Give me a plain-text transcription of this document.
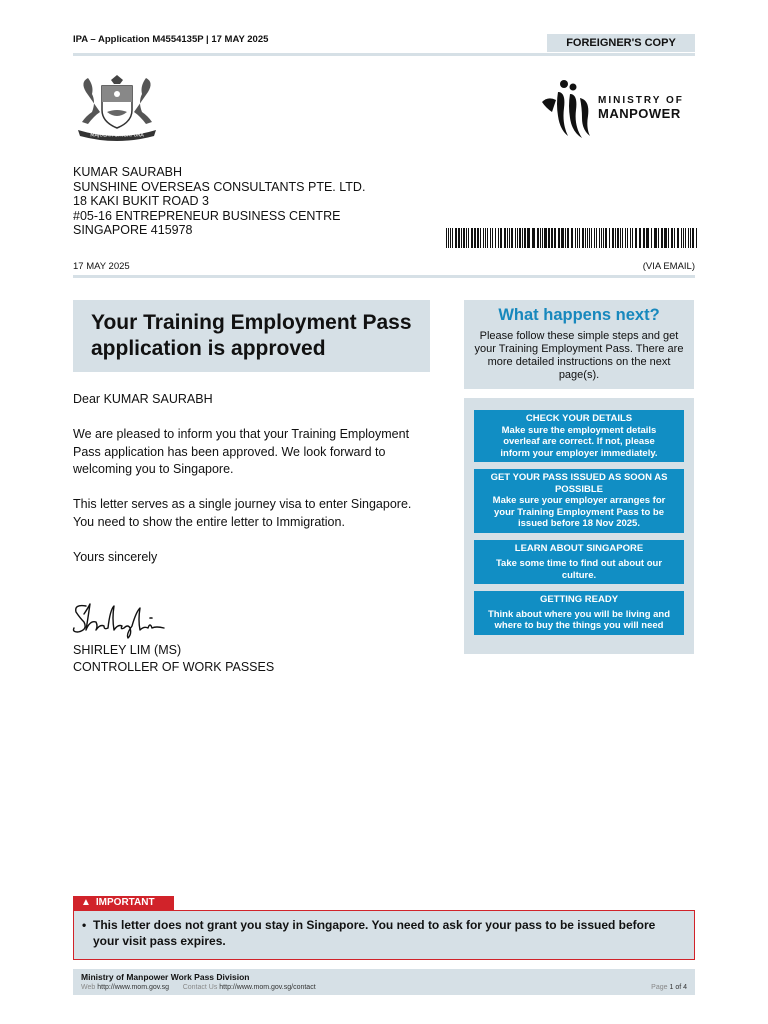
IPA – Application M4554135P | 17 MAY 2025	FOREIGNER'S COPY
MAJULAH SINGAPURA
MINISTRY OF
MANPOWER
KUMAR SAURABH
SUNSHINE OVERSEAS CONSULTANTS PTE. LTD.
18 KAKI BUKIT ROAD 3
#05-16 ENTREPRENEUR BUSINESS CENTRE
SINGAPORE 415978
17 MAY 2025	(VIA EMAIL)
Your Training Employment Pass application is approved

Dear KUMAR SAURABH

We are pleased to inform you that your Training Employment Pass application has been approved. We look forward to welcoming you to Singapore.

This letter serves as a single journey visa to enter Singapore. You need to show the entire letter to Immigration.

Yours sincerely

SHIRLEY LIM (MS)
CONTROLLER OF WORK PASSES
What happens next?

Please follow these simple steps and get your Training Employment Pass. There are more detailed instructions on the next page(s).

CHECK YOUR DETAILS
Make sure the employment details overleaf are correct. If not, please inform your employer immediately.
GET YOUR PASS ISSUED AS SOON AS POSSIBLE
Make sure your employer arranges for your Training Employment Pass to be issued before 18 Nov 2025.
LEARN ABOUT SINGAPORE
Take some time to find out about our culture.
GETTING READY
Think about where you will be living and where to buy the things you will need
▲ IMPORTANT
• This letter does not grant you stay in Singapore. You need to ask for your pass to be issued before your visit pass expires.
Ministry of Manpower Work Pass Division
Web http://www.mom.gov.sg Contact Us http://www.mom.gov.sg/contact	Page 1 of 4
